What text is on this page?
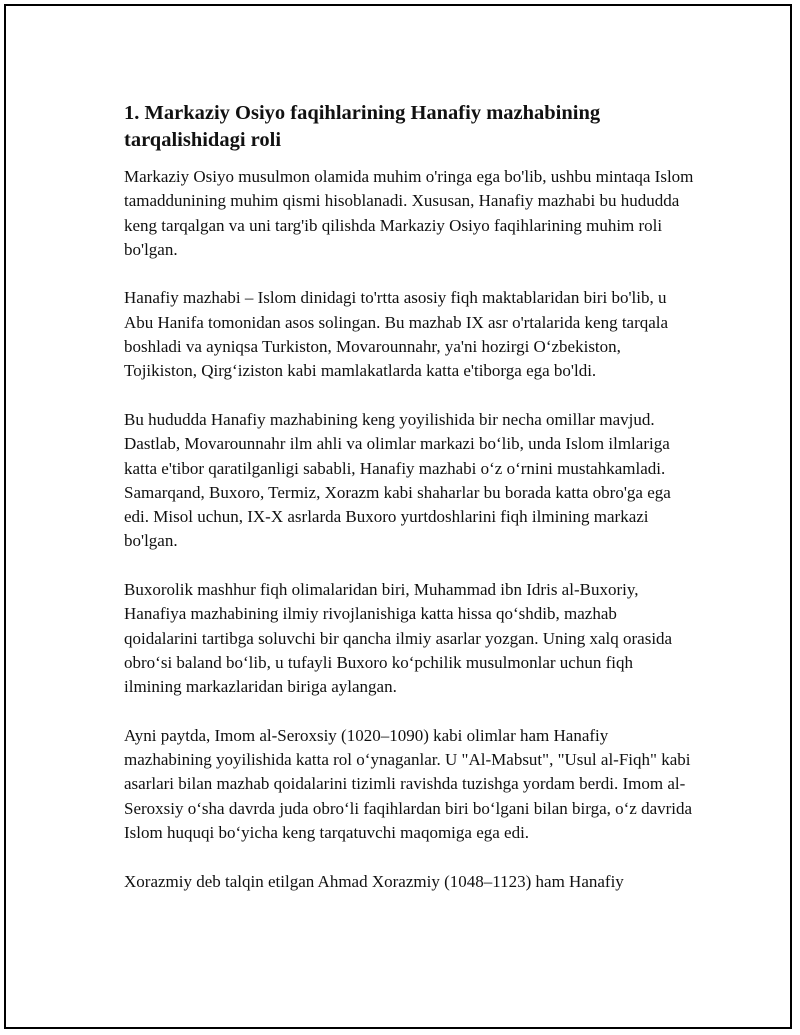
1. Markaziy Osiyo faqihlarining Hanafiy mazhabining tarqalishidagi roli

Markaziy Osiyo musulmon olamida muhim o'ringa ega bo'lib, ushbu mintaqa Islom tamaddunining muhim qismi hisoblanadi. Xususan, Hanafiy mazhabi bu hududda keng tarqalgan va uni targ'ib qilishda Markaziy Osiyo faqihlarining muhim roli bo'lgan.

Hanafiy mazhabi – Islom dinidagi to'rtta asosiy fiqh maktablaridan biri bo'lib, u Abu Hanifa tomonidan asos solingan. Bu mazhab IX asr o'rtalarida keng tarqala boshladi va ayniqsa Turkiston, Movarounnahr, ya'ni hozirgi O‘zbekiston, Tojikiston, Qirg‘iziston kabi mamlakatlarda katta e'tiborga ega bo'ldi.

Bu hududda Hanafiy mazhabining keng yoyilishida bir necha omillar mavjud. Dastlab, Movarounnahr ilm ahli va olimlar markazi bo‘lib, unda Islom ilmlariga katta e'tibor qaratilganligi sababli, Hanafiy mazhabi o‘z o‘rnini mustahkamladi. Samarqand, Buxoro, Termiz, Xorazm kabi shaharlar bu borada katta obro'ga ega edi. Misol uchun, IX-X asrlarda Buxoro yurtdoshlarini fiqh ilmining markazi bo'lgan.

Buxorolik mashhur fiqh olimalaridan biri, Muhammad ibn Idris al-Buxoriy, Hanafiya mazhabining ilmiy rivojlanishiga katta hissa qo‘shdib, mazhab qoidalarini tartibga soluvchi bir qancha ilmiy asarlar yozgan. Uning xalq orasida obro‘si baland bo‘lib, u tufayli Buxoro ko‘pchilik musulmonlar uchun fiqh ilmining markazlaridan biriga aylangan.

Ayni paytda, Imom al-Seroxsiy (1020–1090) kabi olimlar ham Hanafiy mazhabining yoyilishida katta rol o‘ynaganlar. U "Al-Mabsut", "Usul al-Fiqh" kabi asarlari bilan mazhab qoidalarini tizimli ravishda tuzishga yordam berdi. Imom al-Seroxsiy o‘sha davrda juda obro‘li faqihlardan biri bo‘lgani bilan birga, o‘z davrida Islom huquqi bo‘yicha keng tarqatuvchi maqomiga ega edi.

Xorazmiy deb talqin etilgan Ahmad Xorazmiy (1048–1123) ham Hanafiy
